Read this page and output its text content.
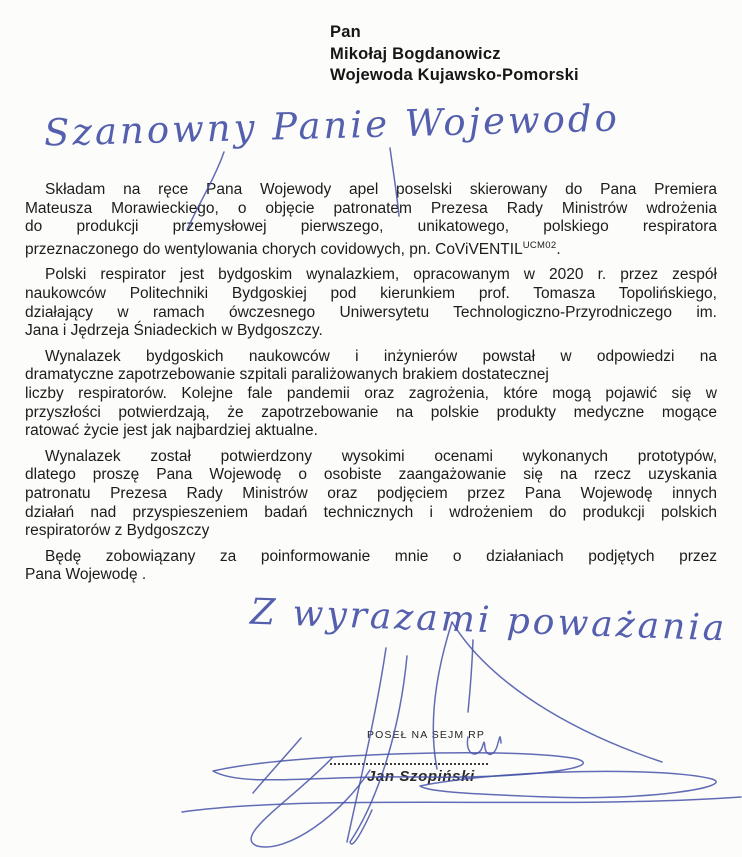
Pan
Mikołaj Bogdanowicz
Wojewoda Kujawsko-Pomorski
Szanowny Panie Wojewodo

Składam na ręce Pana Wojewody apel poselski skierowany do Pana Premiera
Mateusza Morawieckiego, o objęcie patronatem Prezesa Rady Ministrów wdrożenia
do produkcji przemysłowej pierwszego, unikatowego, polskiego respiratora
przeznaczonego do wentylowania chorych covidowych, pn. CoViVENTIL$^{UCM02}$.

Polski respirator jest bydgoskim wynalazkiem, opracowanym w 2020 r. przez zespół
naukowców Politechniki Bydgoskiej pod kierunkiem prof. Tomasza Topolińskiego,
działający w ramach ówczesnego Uniwersytetu Technologiczno-Przyrodniczego im.
Jana i Jędrzeja Śniadeckich w Bydgoszczy.

Wynalazek bydgoskich naukowców i inżynierów powstał w odpowiedzi na
dramatyczne zapotrzebowanie szpitali paraliżowanych brakiem dostatecznej
liczby respiratorów. Kolejne fale pandemii oraz zagrożenia, które mogą pojawić się w
przyszłości potwierdzają, że zapotrzebowanie na polskie produkty medyczne mogące
ratować życie jest jak najbardziej aktualne.

Wynalazek został potwierdzony wysokimi ocenami wykonanych prototypów,
dlatego proszę Pana Wojewodę o osobiste zaangażowanie się na rzecz uzyskania
patronatu Prezesa Rady Ministrów oraz podjęciem przez Pana Wojewodę innych
działań nad przyspieszeniem badań technicznych i wdrożeniem do produkcji polskich
respiratorów z Bydgoszczy

Będę zobowiązany za poinformowanie mnie o działaniach podjętych przez
Pana Wojewodę .

Z wyrazami poważania
POSEŁ NA SEJM RP
Jan Szopiński
